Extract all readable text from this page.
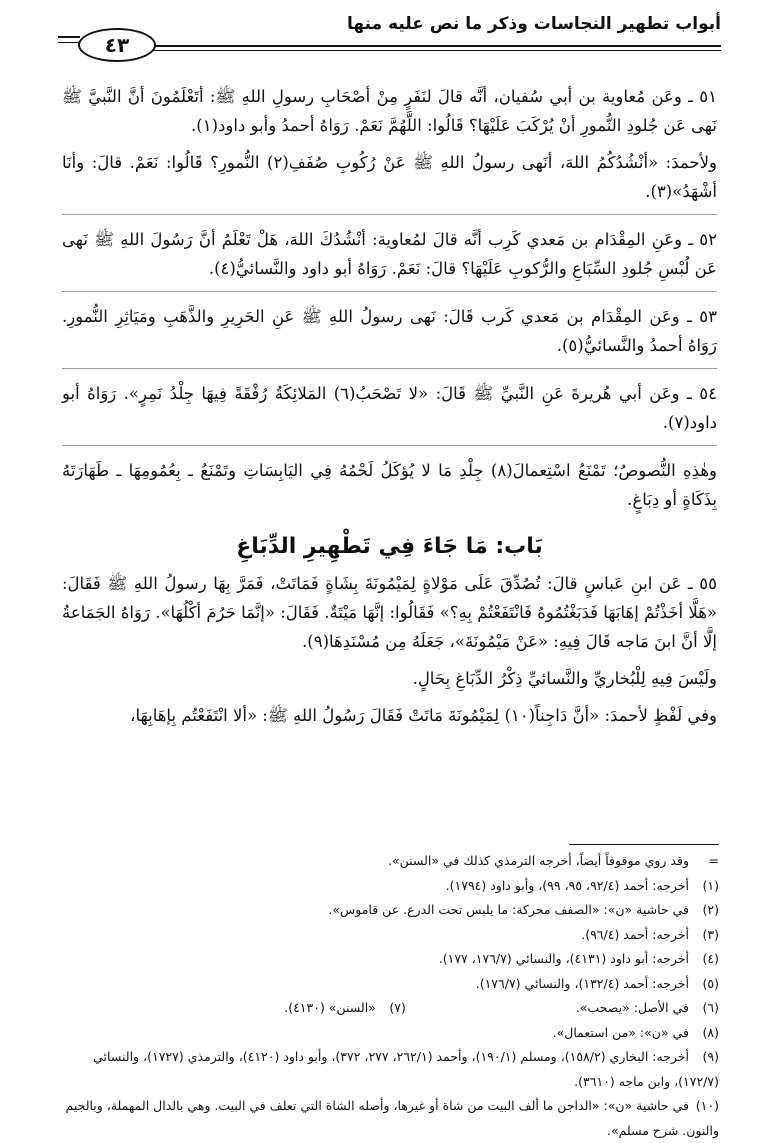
أبواب تطهير النجاسات وذكر ما نص عليه منها
٤٣

٥١ ـ وعَن مُعاوية بن أبي سُفيان، أنَّه قالَ لنَفَرٍ مِنْ أصْحَابِ رسولِ اللهِ ﷺ: أتَعْلَمُونَ أنَّ النَّبيَّ ﷺ نَهى عَن جُلودِ النُّمورِ أنْ يُرْكَبَ عَلَيْهَا؟ قَالُوا: اللَّهُمَّ نَعَمْ. رَوَاهُ أحمدُ وأبو داود(١).

ولأحمدَ: «أنْشُدُكُمُ اللهَ، أنَهى رسولُ اللهِ ﷺ عَنْ رُكُوبِ صُفَفِ(٢) النُّمورِ؟ قَالُوا: نَعَمْ. قالَ: وأنَا أشْهَدُ»(٣).

٥٢ ـ وعَنِ المِقْدَام بن مَعدي كَرِب أنَّه قالَ لمُعاوية: أنْشُدُكَ اللهَ، هَلْ تَعْلَمُ أنَّ رَسُولَ اللهِ ﷺ نَهى عَن لُبْسِ جُلودِ السِّبَاعِ والرُّكوبِ عَلَيْهَا؟ قالَ: نَعَمْ. رَوَاهُ أبو داود والنَّسائيُّ(٤).

٥٣ ـ وعَن المِقْدَام بن مَعدي كَرب قَالَ: نَهى رسولُ اللهِ ﷺ عَنِ الحَرِيرِ والذَّهَبِ ومَيَاثِرِ النُّمورِ. رَوَاهُ أحمدُ والنَّسائيُّ(٥).

٥٤ ـ وعَن أبي هُريرةَ عَنِ النَّبيِّ ﷺ قَالَ: «لا تَصْحَبُ(٦) المَلائِكَةُ رُفْقَةً فِيهَا جِلْدُ نَمِرٍ». رَوَاهُ أبو داود(٧).

وهٰذِهِ النُّصوصُ؛ تَمْنَعُ اسْتِعمالَ(٨) جِلْدِ مَا لا يُؤكَلُ لَحْمُهُ فِي اليَابِسَاتِ وتَمْنَعُ ـ بِعُمُومِهَا ـ طَهَارَتَهُ بِذَكَاةٍ أو دِبَاغٍ.

بَاب: مَا جَاءَ فِي تَطْهِيرِ الدِّبَاغِ

٥٥ ـ عَن ابنِ عَباسٍ قالَ: تُصُدِّقَ عَلَى مَوْلاةٍ لِمَيْمُونَةَ بِشَاةٍ فَمَاتَتْ، فَمَرَّ بِهَا رسولُ اللهِ ﷺ فَقَالَ: «هَلَّا أخَذْتُمْ إهَابَهَا فَدَبَغْتُمُوهُ فَانْتَفَعْتُمْ بِهِ؟» فَقَالُوا: إنَّهَا مَيْتَةٌ. فَقَالَ: «إنَّمَا حَرُمَ أكْلُهَا». رَوَاهُ الجَمَاعةُ إلَّا أنَّ ابنَ مَاجه قَالَ فِيهِ: «عَنْ مَيْمُونَةَ»، جَعَلَهُ مِن مُسْنَدِهَا(٩).

ولَيْسَ فِيهِ لِلْبُخاريِّ والنَّسائيِّ ذِكْرُ الدِّبَاغِ بِحَالٍ.

وفي لَفْظٍ لأحمدَ: «أنَّ دَاجِناً(١٠) لِمَيْمُونَةَ مَاتَتْ فَقَالَ رَسُولُ اللهِ ﷺ: «ألا انْتَفَعْتُم بِإهَابِهَا،

=وقد روي موقوفاً أيضاً، أخرجه الترمذي كذلك في «السنن».

(١)أخرجه: أحمد (٩٢/٤، ٩٥، ٩٩)، وأبو داود (١٧٩٤).

(٢)في حاشية «ن»: «الصفف محركة: ما يلبس تحت الدرع. عن قاموس».

(٣)أخرجه: أحمد (٩٦/٤).

(٤)أخرجه: أبو داود (٤١٣١)، والنسائي (١٧٦/٧، ١٧٧).

(٥)أخرجه: أحمد (١٣٢/٤)، والنسائي (١٧٦/٧).

(٦)في الأصل: «يصحب».(٧)«السنن» (٤١٣٠).

(٨)في «ن»: «من استعمال».

(٩)أخرجه: البخاري (١٥٨/٢)، ومسلم (١٩٠/١)، وأحمد (٢٦٢/١، ٢٧٧، ٣٧٢)، وأبو داود (٤١٢٠)، والترمذي (١٧٢٧)، والنسائي (١٧٢/٧)، وابن ماجه (٣٦١٠).

(١٠)في حاشية «ن»: «الداجن ما ألف البيت من شاة أو غيرها، وأصله الشاة التي تعلف في البيت. وهي بالدال المهملة، وبالجيم والنون. شرح مسلم».
